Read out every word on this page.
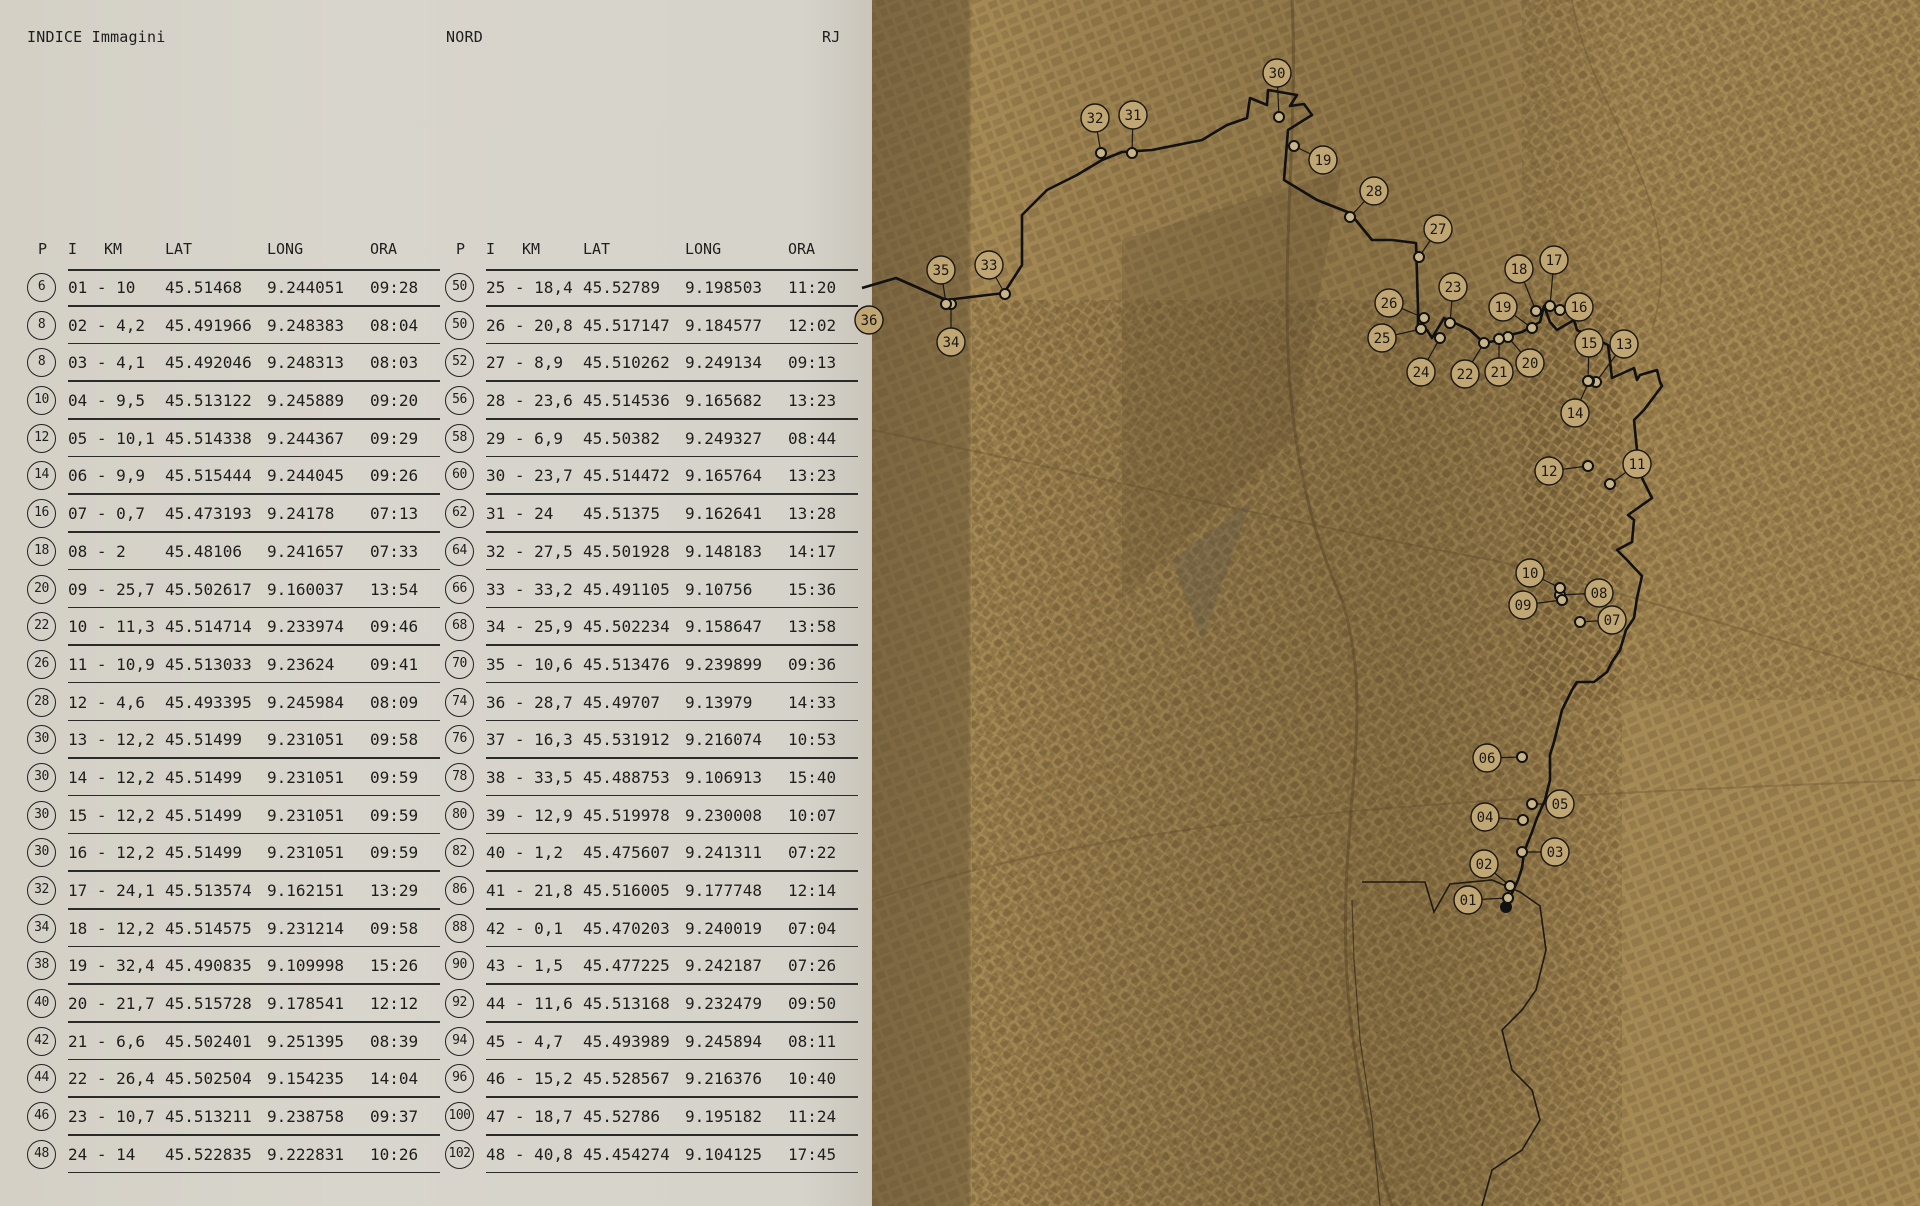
INDICE Immagini	NORD	RJ
P I KM	LAT	LONG	ORA
6	01 - 10 45.51468 9.244051 09:28
8	02 - 4,2 45.491966 9.248383 08:04
8	03 - 4,1 45.492046 9.248313 08:03
10	04 - 9,5 45.513122 9.245889 09:20
12	05 - 10,1 45.514338 9.244367 09:29
14	06 - 9,9 45.515444 9.244045 09:26
16	07 - 0,7 45.473193 9.24178 07:13
18	08 - 2 45.48106 9.241657 07:33
20	09 - 25,7 45.502617 9.160037 13:54
22	10 - 11,3 45.514714 9.233974 09:46
26	11 - 10,9 45.513033 9.23624 09:41
28	12 - 4,6 45.493395 9.245984 08:09
30	13 - 12,2 45.51499 9.231051 09:58
30	14 - 12,2 45.51499 9.231051 09:59
30	15 - 12,2 45.51499 9.231051 09:59
30	16 - 12,2 45.51499 9.231051 09:59
32	17 - 24,1 45.513574 9.162151 13:29
34	18 - 12,2 45.514575 9.231214 09:58
38	19 - 32,4 45.490835 9.109998 15:26
40	20 - 21,7 45.515728 9.178541 12:12
42	21 - 6,6 45.502401 9.251395 08:39
44	22 - 26,4 45.502504 9.154235 14:04
46	23 - 10,7 45.513211 9.238758 09:37
48	24 - 14 45.522835 9.222831 10:26
P I KM	LAT	LONG	ORA
50	25 - 18,4 45.52789 9.198503 11:20
50	26 - 20,8 45.517147 9.184577 12:02
52	27 - 8,9 45.510262 9.249134 09:13
56	28 - 23,6 45.514536 9.165682 13:23
58	29 - 6,9 45.50382 9.249327 08:44
60	30 - 23,7 45.514472 9.165764 13:23
62	31 - 24 45.51375 9.162641 13:28
64	32 - 27,5 45.501928 9.148183 14:17
66	33 - 33,2 45.491105 9.10756 15:36
68	34 - 25,9 45.502234 9.158647 13:58
70	35 - 10,6 45.513476 9.239899 09:36
74	36 - 28,7 45.49707 9.13979 14:33
76	37 - 16,3 45.531912 9.216074 10:53
78	38 - 33,5 45.488753 9.106913 15:40
80	39 - 12,9 45.519978 9.230008 10:07
82	40 - 1,2 45.475607 9.241311 07:22
86	41 - 21,8 45.516005 9.177748 12:14
88	42 - 0,1 45.470203 9.240019 07:04
90	43 - 1,5 45.477225 9.242187 07:26
92	44 - 11,6 45.513168 9.232479 09:50
94	45 - 4,7 45.493989 9.245894 08:11
96	46 - 15,2 45.528567 9.216376 10:40
100 47 - 18,7 45.52786 9.195182 11:24
102 48 - 40,8 45.454274 9.104125 17:45
01
02
03
04
05
06
07
08
09
10
11
12
13
14
15
16
17
18
19
20
21
22
23
24
25
26
27
28
19
30
31
32
33
34
35
36
